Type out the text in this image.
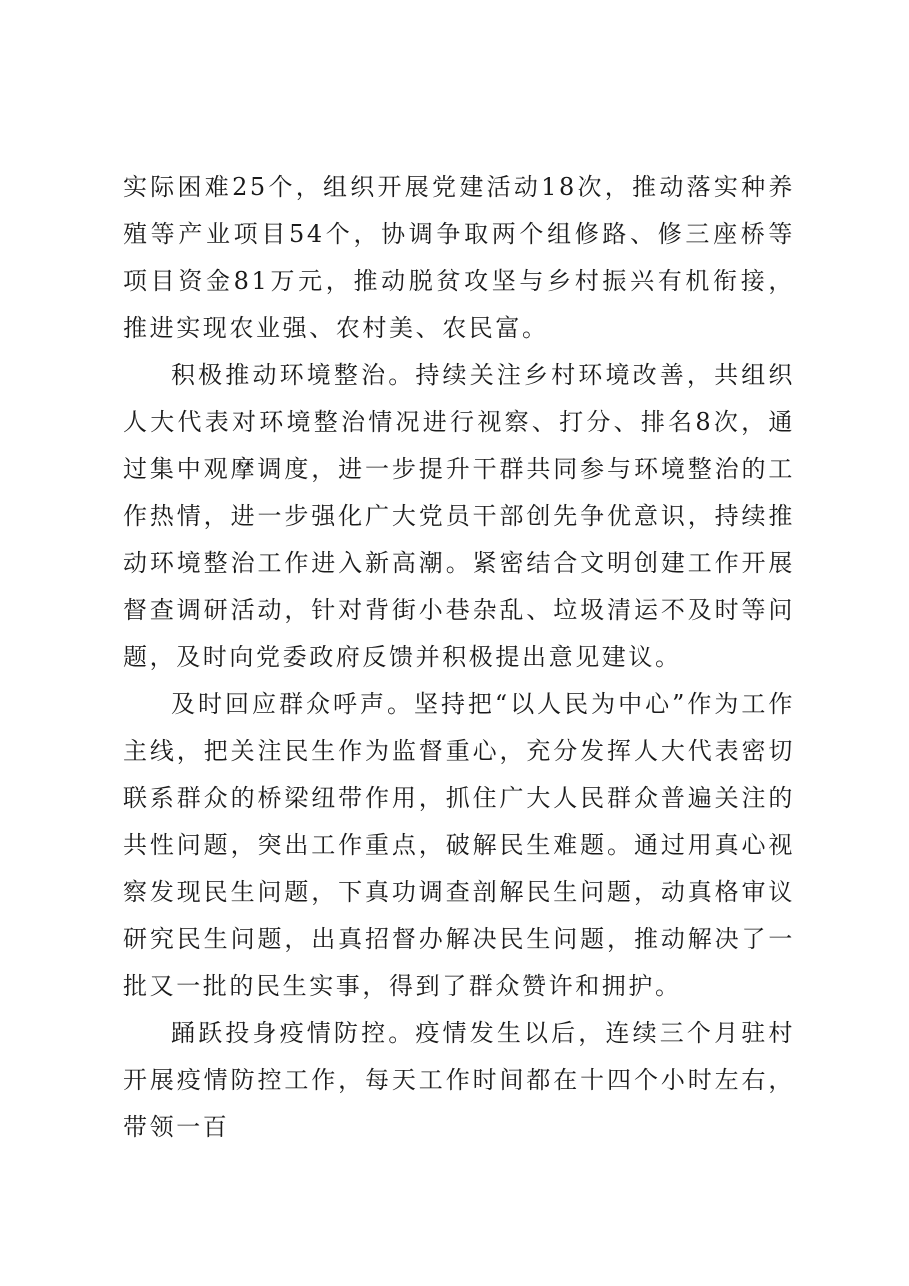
实际困难25个，组织开展党建活动18次，推动落实种养殖等产业项目54个，协调争取两个组修路、修三座桥等项目资金81万元，推动脱贫攻坚与乡村振兴有机衔接，推进实现农业强、农村美、农民富。

积极推动环境整治。持续关注乡村环境改善，共组织人大代表对环境整治情况进行视察、打分、排名8次，通过集中观摩调度，进一步提升干群共同参与环境整治的工作热情，进一步强化广大党员干部创先争优意识，持续推动环境整治工作进入新高潮。紧密结合文明创建工作开展督查调研活动，针对背街小巷杂乱、垃圾清运不及时等问题，及时向党委政府反馈并积极提出意见建议。

及时回应群众呼声。坚持把“以人民为中心”作为工作主线，把关注民生作为监督重心，充分发挥人大代表密切联系群众的桥梁纽带作用，抓住广大人民群众普遍关注的共性问题，突出工作重点，破解民生难题。通过用真心视察发现民生问题，下真功调查剖解民生问题，动真格审议研究民生问题，出真招督办解决民生问题，推动解决了一批又一批的民生实事，得到了群众赞许和拥护。

踊跃投身疫情防控。疫情发生以后，连续三个月驻村开展疫情防控工作，每天工作时间都在十四个小时左右，带领一百
